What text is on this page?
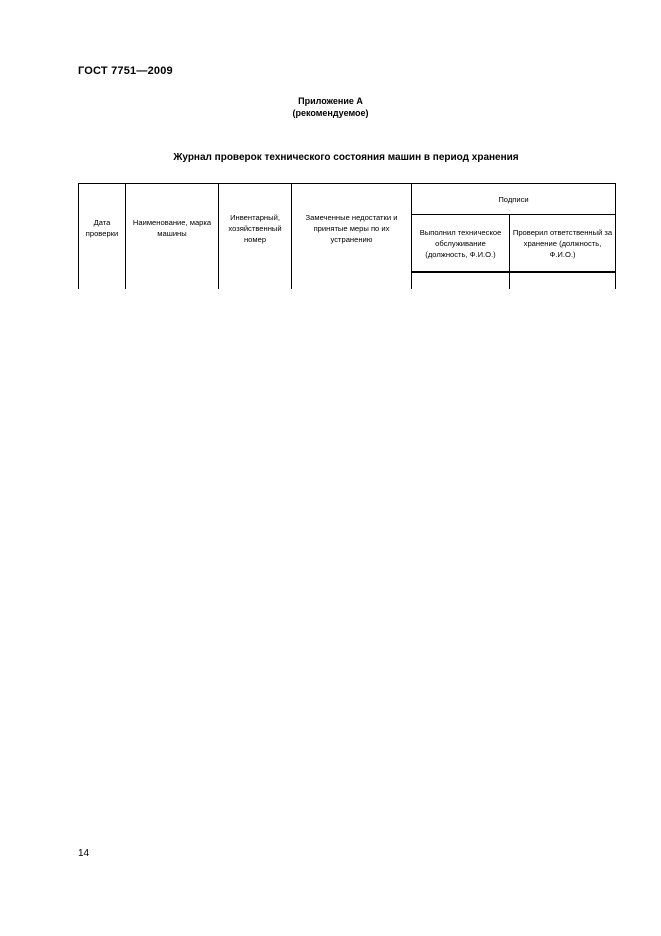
ГОСТ 7751—2009
Приложение А
(рекомендуемое)
Журнал проверок технического состояния машин в период хранения
Дата проверки	Наименование, марка машины	Инвентарный, хозяйственный номер	Замеченные недостатки и принятые меры по их устранению	Подписи	
				Выполнил техническое обслуживание (должность, Ф.И.О.)	Проверил ответственный за хранение (должность, Ф.И.О.)

14
